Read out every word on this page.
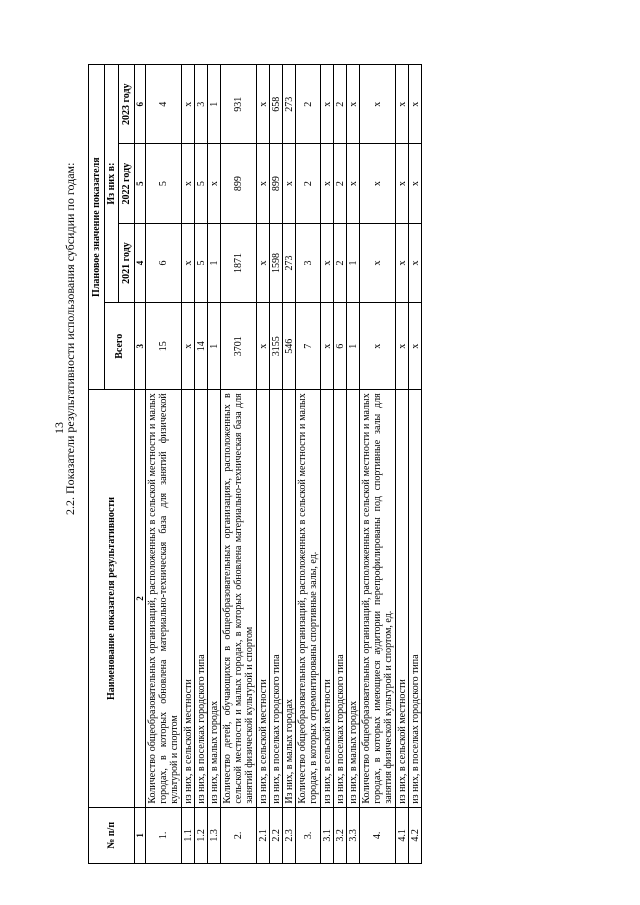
13
2.2. Показатели результативности использования субсидии по годам:
№ п/п	Наименование показателя результативности	Плановое значение показателя			
		Всего	Из них в:		
			2021 году	2022 году	2023 году
1	2	3	4	5	6
1.	Количество общеобразовательных организаций, расположенных в сельской местности и малых городах, в которых обновлена материально-техническая база для занятий физической культурой и спортом	15	6	5	4
1.1	из них, в сельской местности	x	x	x	x
1.2	из них, в поселках городского типа	14	5	5	3
1.3	из них, в малых городах	1	1	x	1
2.	Количество детей, обучающихся в общеобразовательных организациях, расположенных в сельской местности и малых городах, в которых обновлена материально-техническая база для занятий физической культурой и спортом	3701	1871	899	931
2.1	из них, в сельской местности	x	x	x	x
2.2	из них, в поселках городского типа	3155	1598	899	658
2.3	Из них, в малых городах	546	273	x	273
3.	Количество общеобразовательных организаций, расположенных в сельской местности и малых городах, в которых отремонтированы спортивные залы, ед.	7	3	2	2
3.1	из них, в сельской местности	x	x	x	x
3.2	из них, в поселках городского типа	6	2	2	2
3.3	из них, в малых городах	1	1	x	x
4.	Количество общеобразовательных организаций, расположенных в сельской местности и малых городах, в которых имеющиеся аудитории перепрофилированы под спортивные залы для занятия физической культурой и спортом, ед.	x	x	x	x
4.1	из них, в сельской местности	x	x	x	x
4.2	из них, в поселках городского типа	x	x	x	x
